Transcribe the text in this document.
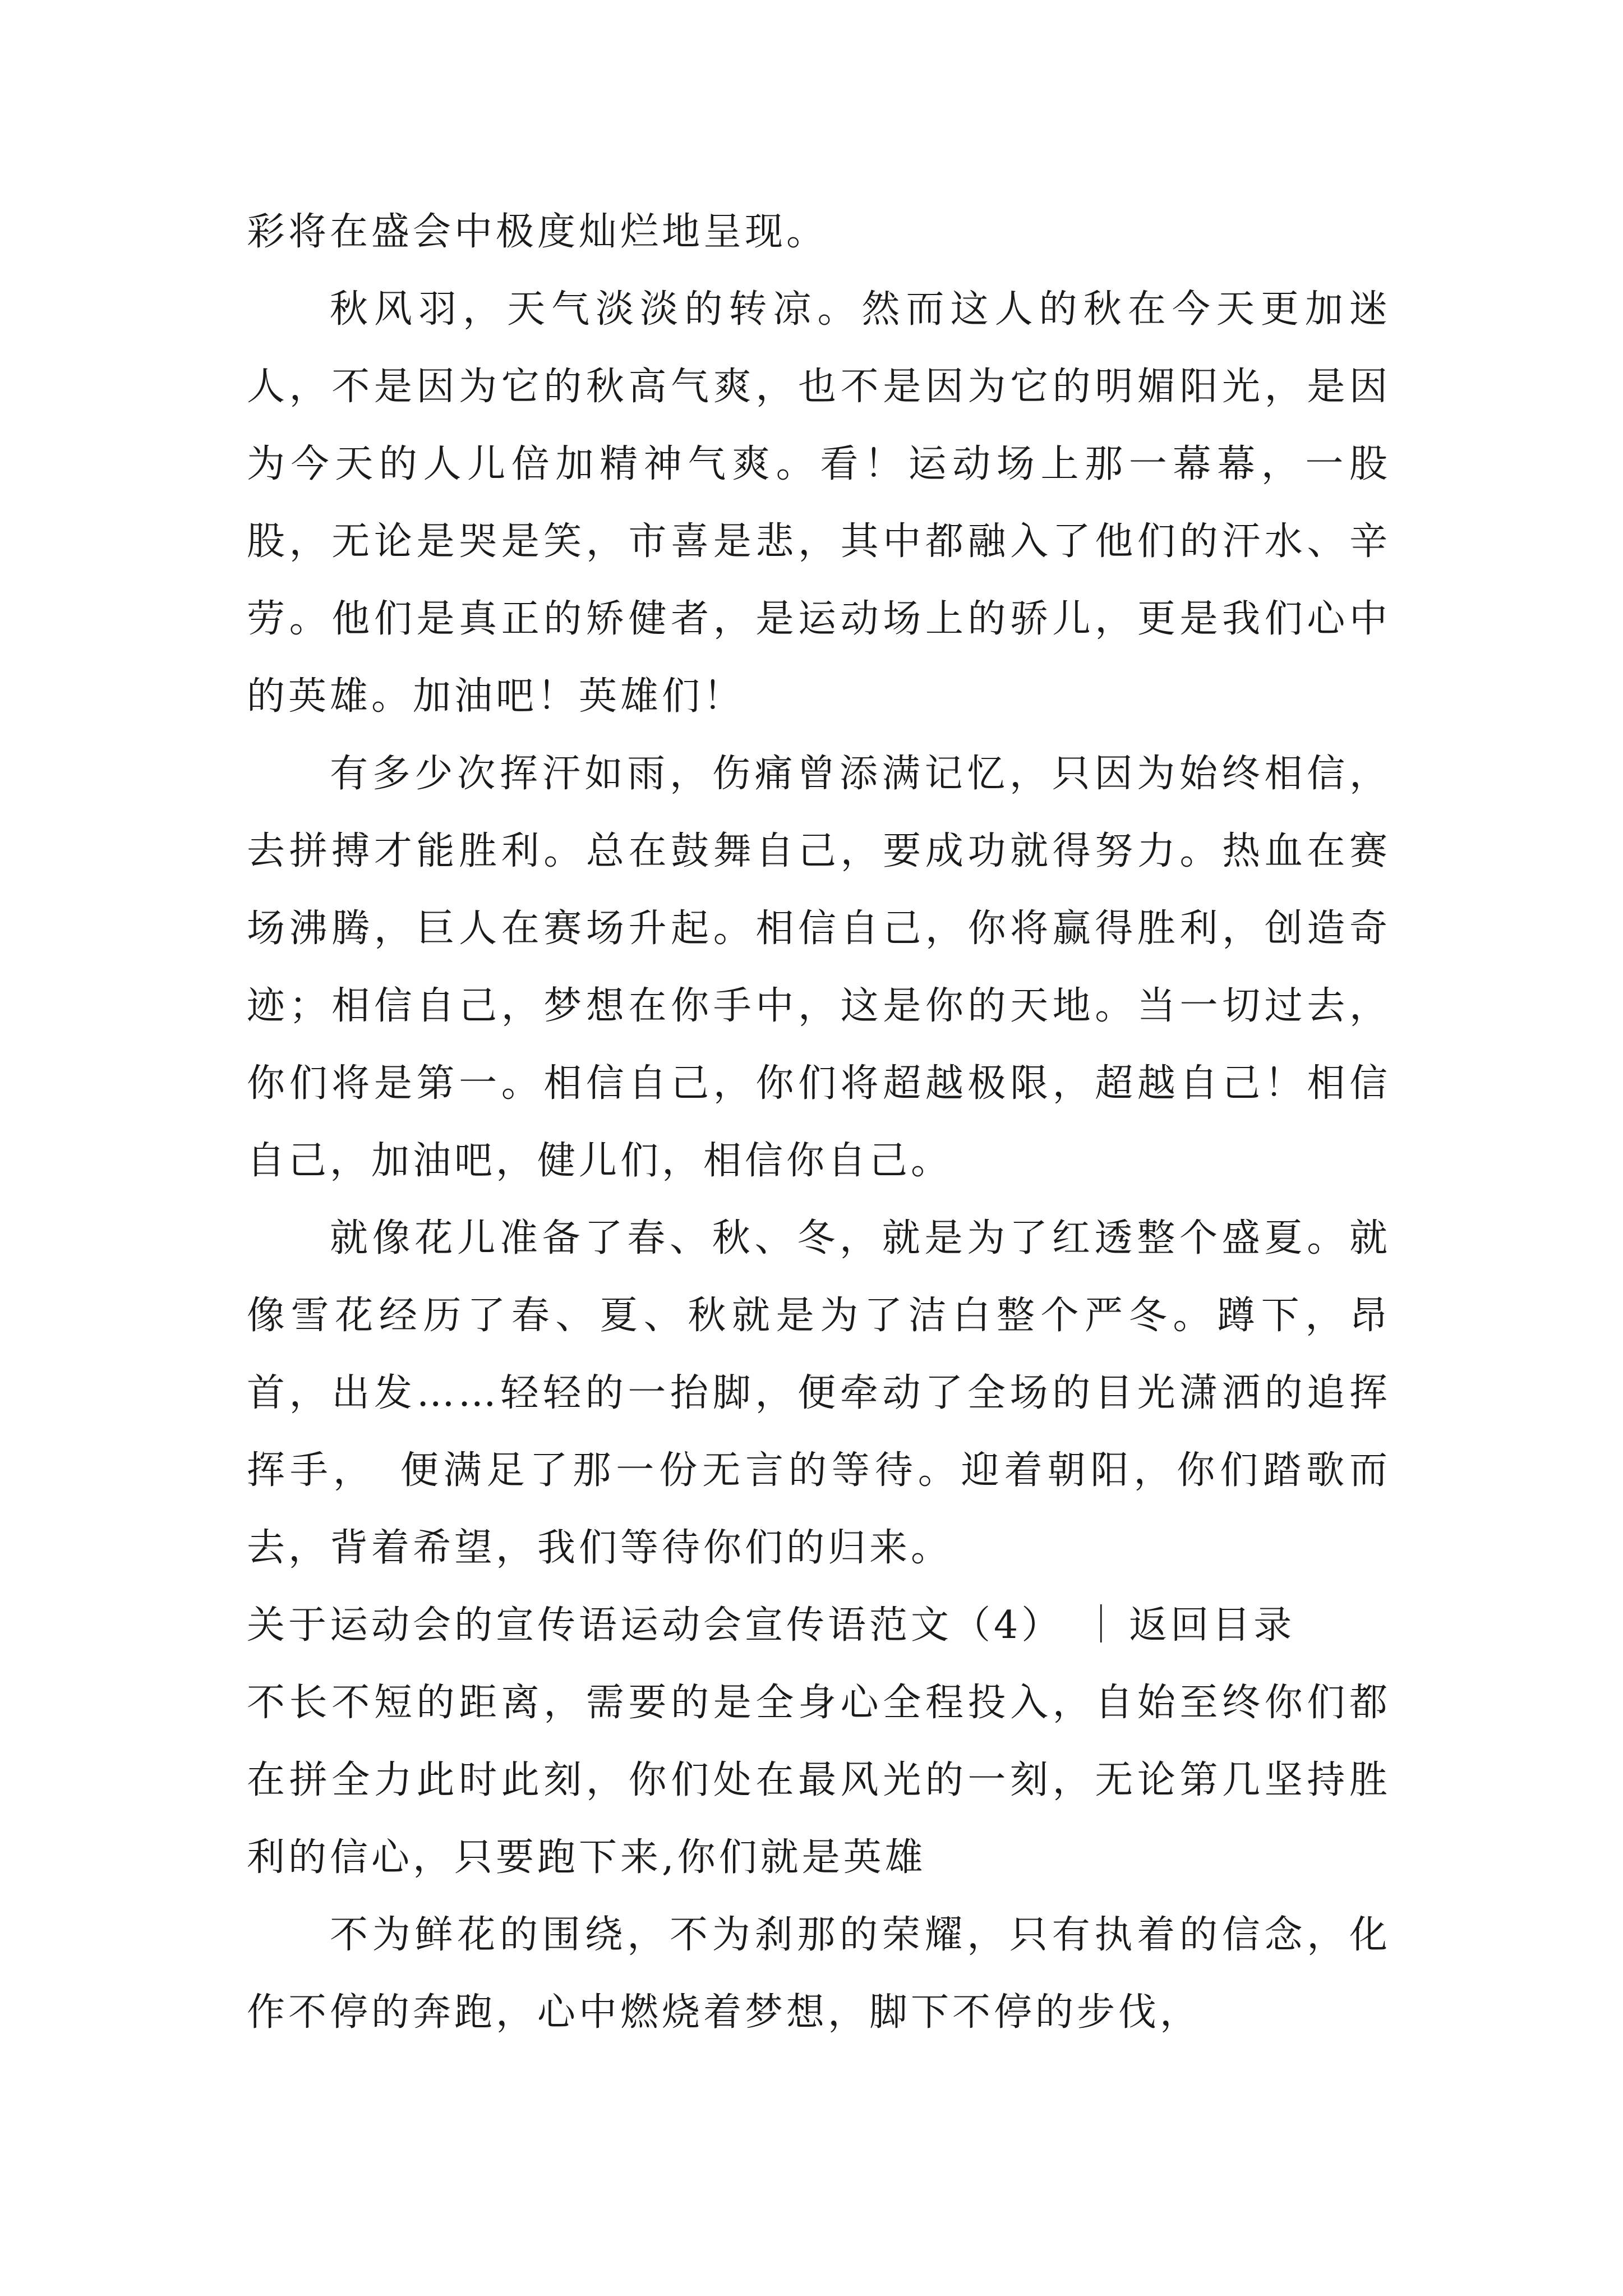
彩将在盛会中极度灿烂地呈现。

秋风羽，天气淡淡的转凉。然而这人的秋在今天更加迷人，不是因为它的秋高气爽，也不是因为它的明媚阳光，是因为今天的人儿倍加精神气爽。看！运动场上那一幕幕，一股股，无论是哭是笑，市喜是悲，其中都融入了他们的汗水、辛劳。他们是真正的矫健者，是运动场上的骄儿，更是我们心中的英雄。加油吧！英雄们！

有多少次挥汗如雨，伤痛曾添满记忆，只因为始终相信，去拼搏才能胜利。总在鼓舞自己，要成功就得努力。热血在赛场沸腾，巨人在赛场升起。相信自己，你将赢得胜利，创造奇迹；相信自己，梦想在你手中，这是你的天地。当一切过去，你们将是第一。相信自己，你们将超越极限，超越自己！相信自己，加油吧，健儿们，相信你自己。

就像花儿准备了春、秋、冬，就是为了红透整个盛夏。就像雪花经历了春、夏、秋就是为了洁白整个严冬。蹲下，昂首，出发……轻轻的一抬脚，便牵动了全场的目光潇洒的追挥挥手，　便满足了那一份无言的等待。迎着朝阳，你们踏歌而去，背着希望，我们等待你们的归来。

关于运动会的宣传语运动会宣传语范文（4） ｜ 返回目录

不长不短的距离，需要的是全身心全程投入，自始至终你们都在拼全力此时此刻，你们处在最风光的一刻，无论第几坚持胜利的信心，只要跑下来,你们就是英雄

不为鲜花的围绕，不为刹那的荣耀，只有执着的信念，化作不停的奔跑，心中燃烧着梦想，脚下不停的步伐，
